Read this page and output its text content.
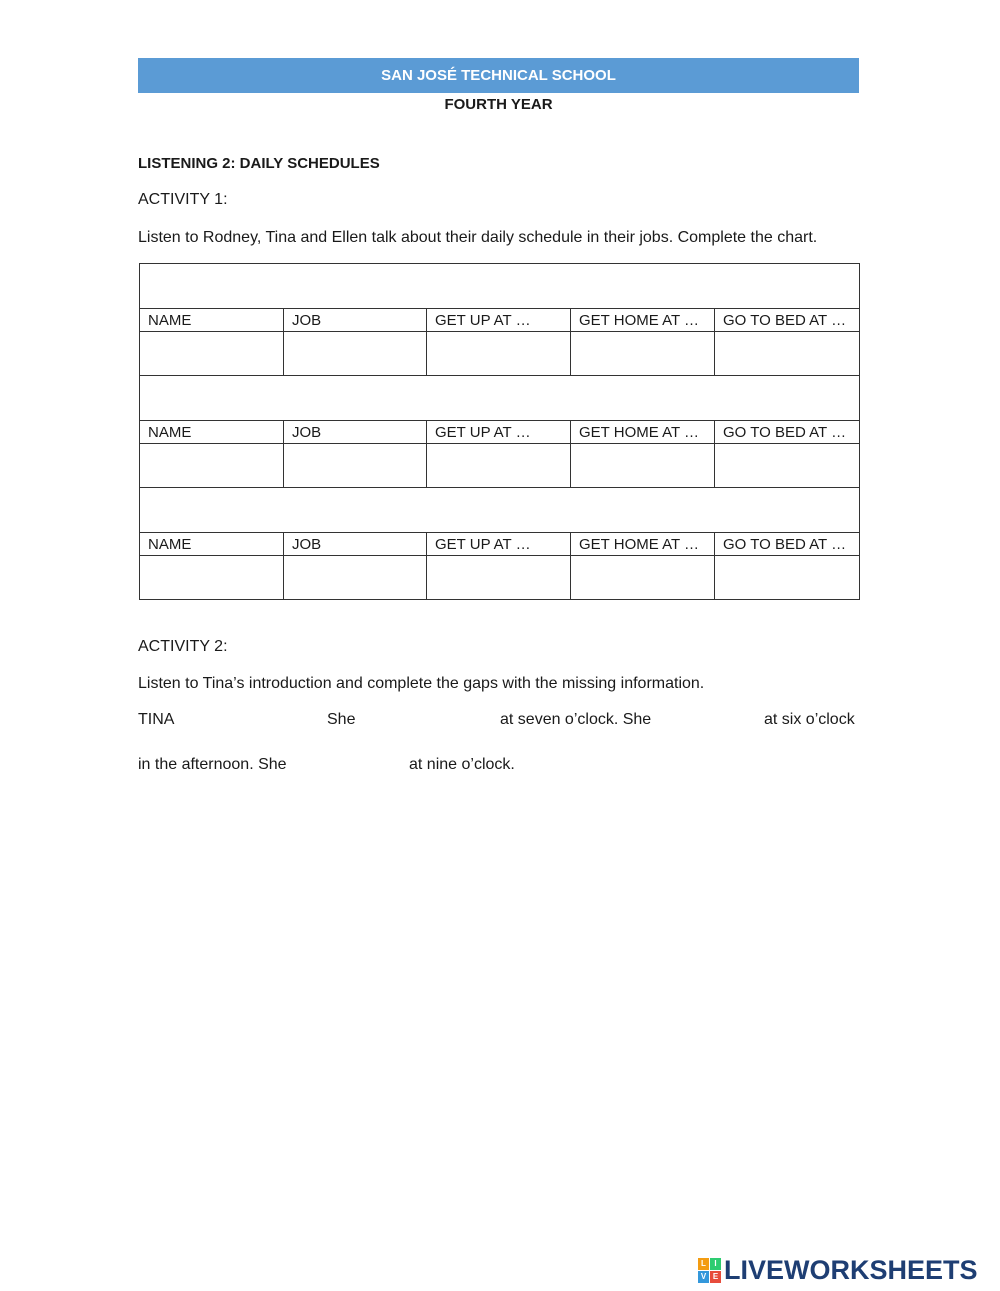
SAN JOSÉ TECHNICAL SCHOOL
FOURTH YEAR
LISTENING 2: DAILY SCHEDULES
ACTIVITY 1:
Listen to Rodney, Tina and Ellen talk about their daily schedule in their jobs. Complete the chart.

NAME	JOB	GET UP AT …	GET HOME AT …	GO TO BED AT …

NAME	JOB	GET UP AT …	GET HOME AT …	GO TO BED AT …

NAME	JOB	GET UP AT …	GET HOME AT …	GO TO BED AT …

ACTIVITY 2:
Listen to Tina’s introduction and complete the gaps with the missing information.
TINA	She	at seven o’clock. She	at six o’clock
in the afternoon. She	at nine o’clock.
L	I
V E LIVEWORKSHEETS
